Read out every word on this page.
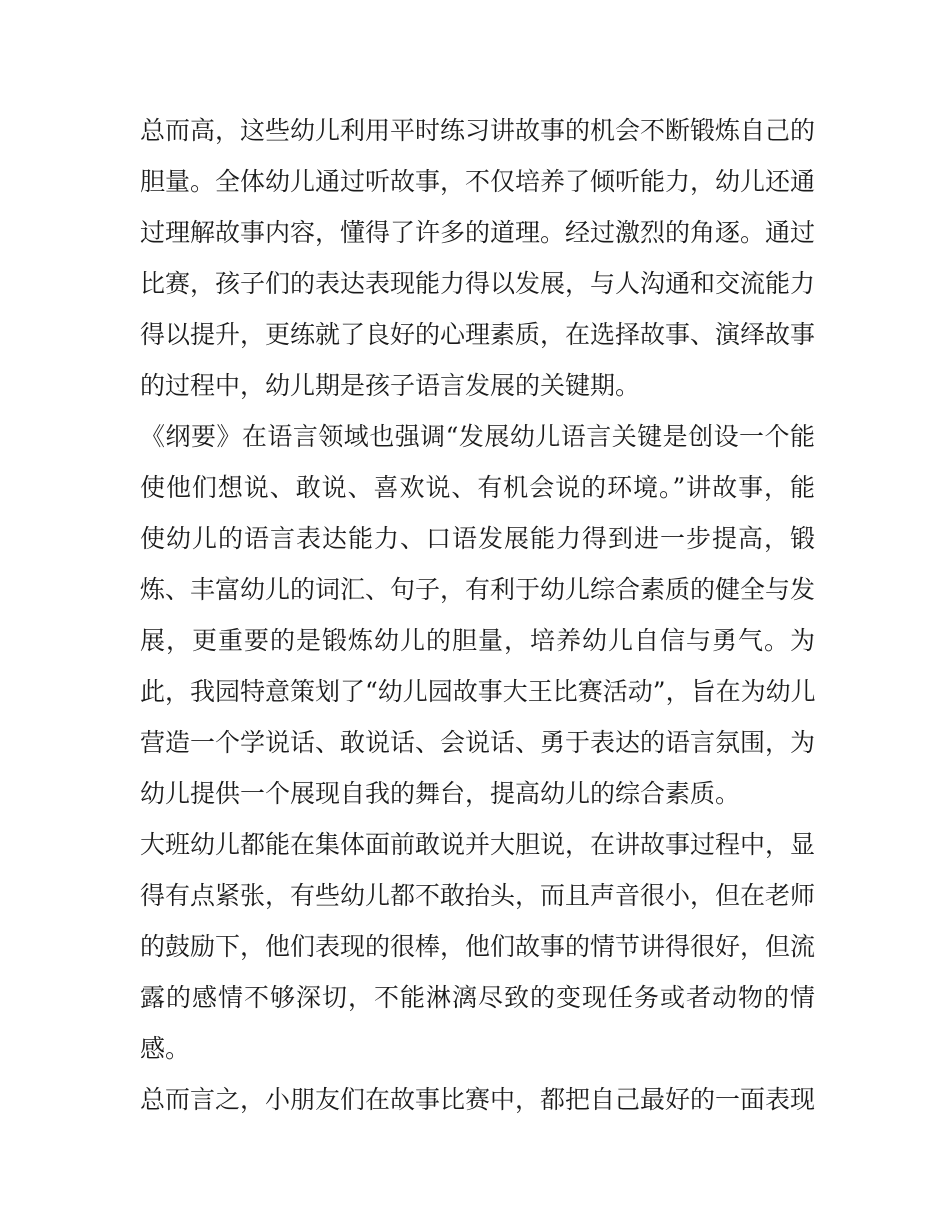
总而高，这些幼儿利用平时练习讲故事的机会不断锻炼自己的
胆量。全体幼儿通过听故事，不仅培养了倾听能力，幼儿还通
过理解故事内容，懂得了许多的道理。经过激烈的角逐。通过
比赛，孩子们的表达表现能力得以发展，与人沟通和交流能力
得以提升，更练就了良好的心理素质，在选择故事、演绎故事
的过程中，幼儿期是孩子语言发展的关键期。
《纲要》在语言领域也强调“发展幼儿语言关键是创设一个能
使他们想说、敢说、喜欢说、有机会说的环境。”讲故事，能
使幼儿的语言表达能力、口语发展能力得到进一步提高，锻
炼、丰富幼儿的词汇、句子，有利于幼儿综合素质的健全与发
展，更重要的是锻炼幼儿的胆量，培养幼儿自信与勇气。为
此，我园特意策划了“幼儿园故事大王比赛活动”，旨在为幼儿
营造一个学说话、敢说话、会说话、勇于表达的语言氛围，为
幼儿提供一个展现自我的舞台，提高幼儿的综合素质。
大班幼儿都能在集体面前敢说并大胆说，在讲故事过程中，显
得有点紧张，有些幼儿都不敢抬头，而且声音很小，但在老师
的鼓励下，他们表现的很棒，他们故事的情节讲得很好，但流
露的感情不够深切，不能淋漓尽致的变现任务或者动物的情
感。
总而言之，小朋友们在故事比赛中，都把自己最好的一面表现
